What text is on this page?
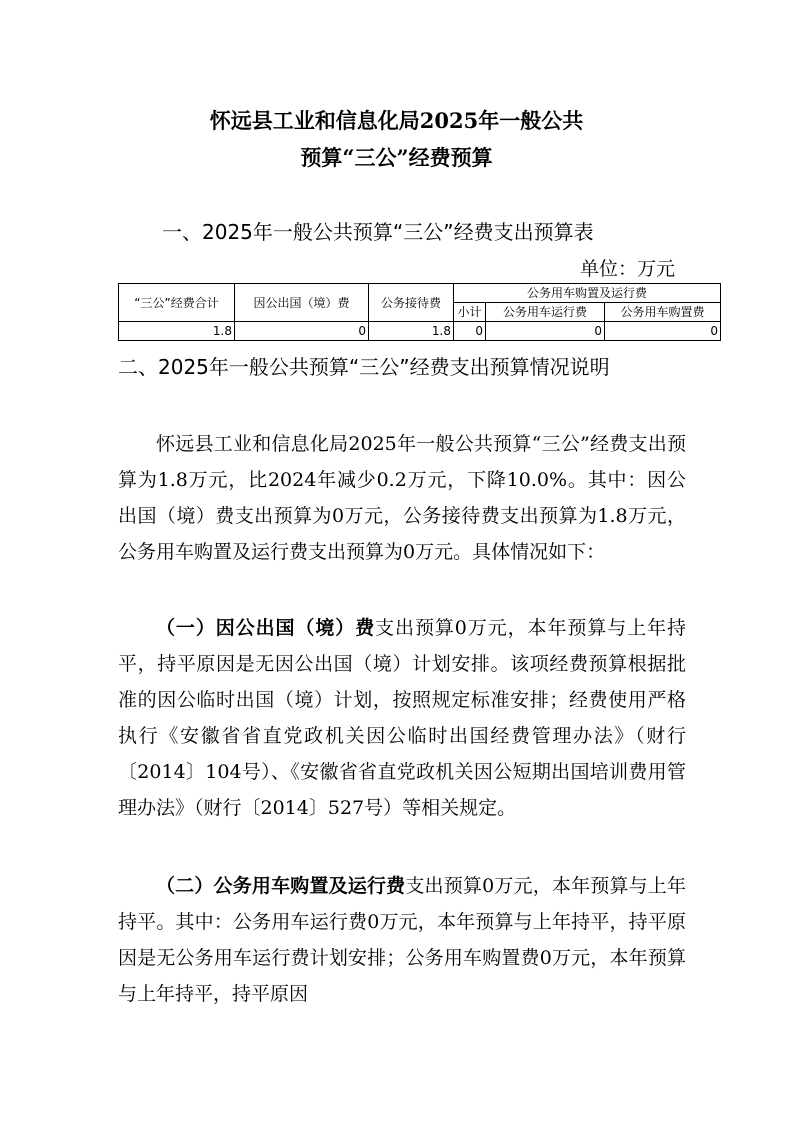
怀远县工业和信息化局2025年一般公共
预算“三公”经费预算
一、2025年一般公共预算“三公”经费支出预算表
单位：万元
“三公”经费合计	因公出国（境）费	公务接待费	公务用车购置及运行费		
			小计	公务用车运行费	公务用车购置费
1.8	0	1.8	0	0	0
二、2025年一般公共预算“三公”经费支出预算情况说明

怀远县工业和信息化局2025年一般公共预算“三公”经费支出预算为1.8万元，比2024年减少0.2万元，下降10.0%。其中：因公出国（境）费支出预算为0万元，公务接待费支出预算为1.8万元，公务用车购置及运行费支出预算为0万元。具体情况如下：

（一）因公出国（境）费支出预算0万元，本年预算与上年持平，持平原因是无因公出国（境）计划安排。该项经费预算根据批准的因公临时出国（境）计划，按照规定标准安排；经费使用严格执行《安徽省省直党政机关因公临时出国经费管理办法》（财行〔2014〕104号）、《安徽省省直党政机关因公短期出国培训费用管理办法》（财行〔2014〕527号）等相关规定。

（二）公务用车购置及运行费支出预算0万元，本年预算与上年持平。其中：公务用车运行费0万元，本年预算与上年持平，持平原因是无公务用车运行费计划安排；公务用车购置费0万元，本年预算与上年持平，持平原因
